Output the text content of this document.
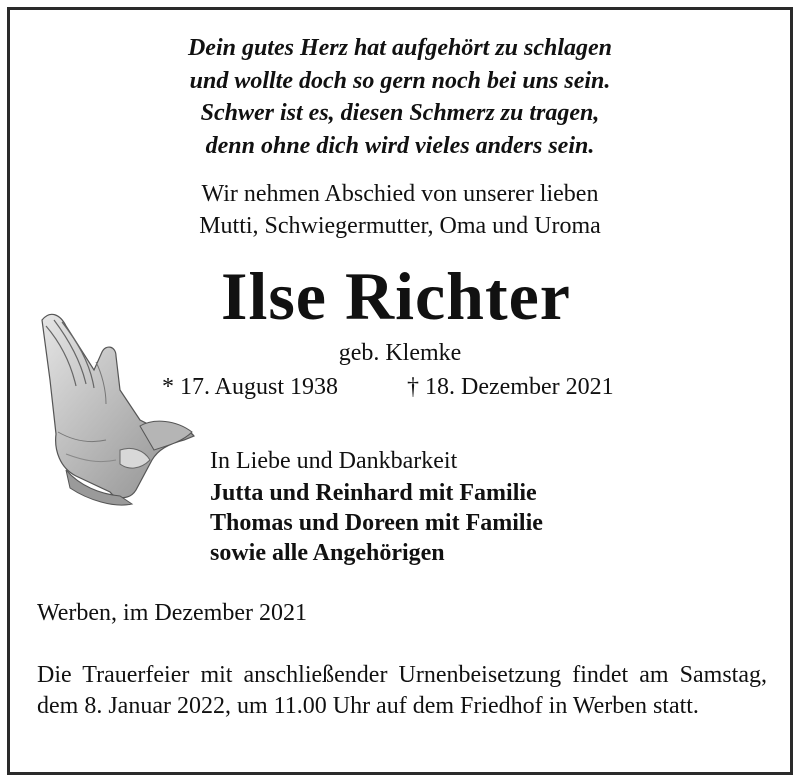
Dein gutes Herz hat aufgehört zu schlagen
und wollte doch so gern noch bei uns sein.
Schwer ist es, diesen Schmerz zu tragen,
denn ohne dich wird vieles anders sein.
Wir nehmen Abschied von unserer lieben
Mutti, Schwiegermutter, Oma und Uroma
Ilse Richter
geb. Klemke
* 17. August 1938	† 18. Dezember 2021
In Liebe und Dankbarkeit
Jutta und Reinhard mit Familie
Thomas und Doreen mit Familie
sowie alle Angehörigen
Werben, im Dezember 2021
Die Trauerfeier mit anschließender Urnenbeisetzung findet am Samstag, dem 8. Januar 2022, um 11.00 Uhr auf dem Friedhof in Werben statt.
